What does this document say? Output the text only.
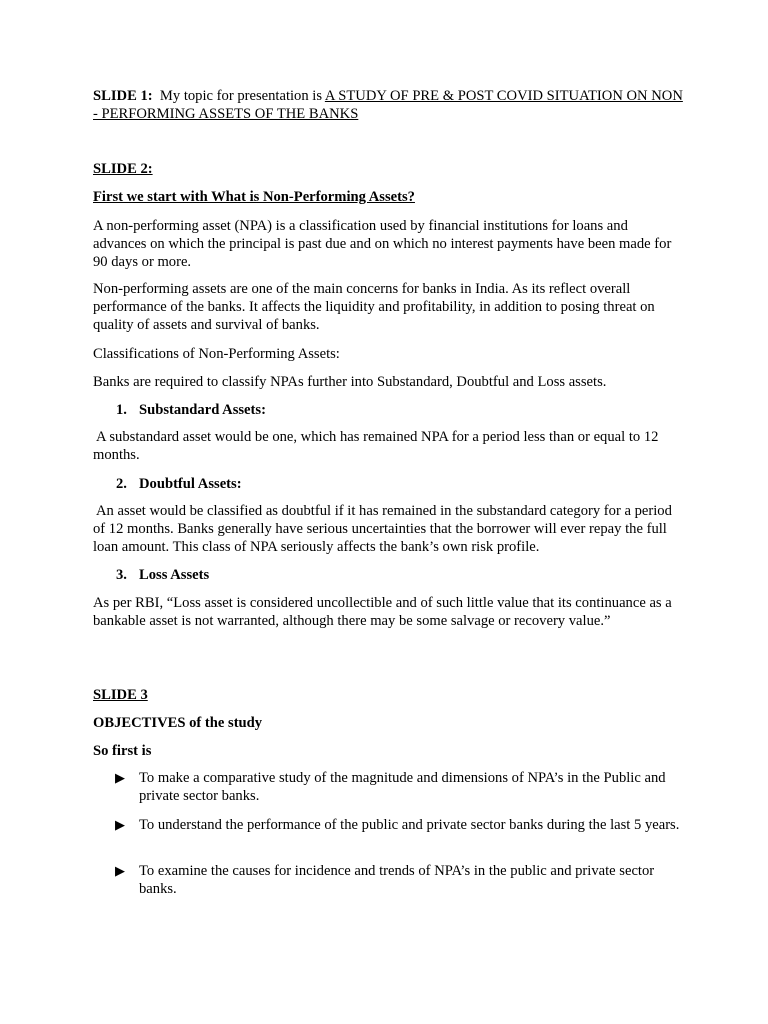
SLIDE 1: My topic for presentation is A STUDY OF PRE & POST COVID SITUATION ON NON - PERFORMING ASSETS OF THE BANKS

SLIDE 2:

First we start with What is Non-Performing Assets?

A non-performing asset (NPA) is a classification used by financial institutions for loans and advances on which the principal is past due and on which no interest payments have been made for 90 days or more.

Non-performing assets are one of the main concerns for banks in India. As its reflect overall performance of the banks. It affects the liquidity and profitability, in addition to posing threat on quality of assets and survival of banks.

Classifications of Non-Performing Assets:

Banks are required to classify NPAs further into Substandard, Doubtful and Loss assets.

1. Substandard Assets:

A substandard asset would be one, which has remained NPA for a period less than or equal to 12 months.

2. Doubtful Assets:

An asset would be classified as doubtful if it has remained in the substandard category for a period of 12 months. Banks generally have serious uncertainties that the borrower will ever repay the full loan amount. This class of NPA seriously affects the bank’s own risk profile.

3. Loss Assets

As per RBI, “Loss asset is considered uncollectible and of such little value that its continuance as a bankable asset is not warranted, although there may be some salvage or recovery value.”

SLIDE 3

OBJECTIVES of the study

So first is

▶ To make a comparative study of the magnitude and dimensions of NPA’s in the Public and private sector banks.
▶ To understand the performance of the public and private sector banks during the last 5 years.
▶ To examine the causes for incidence and trends of NPA’s in the public and private sector banks.
